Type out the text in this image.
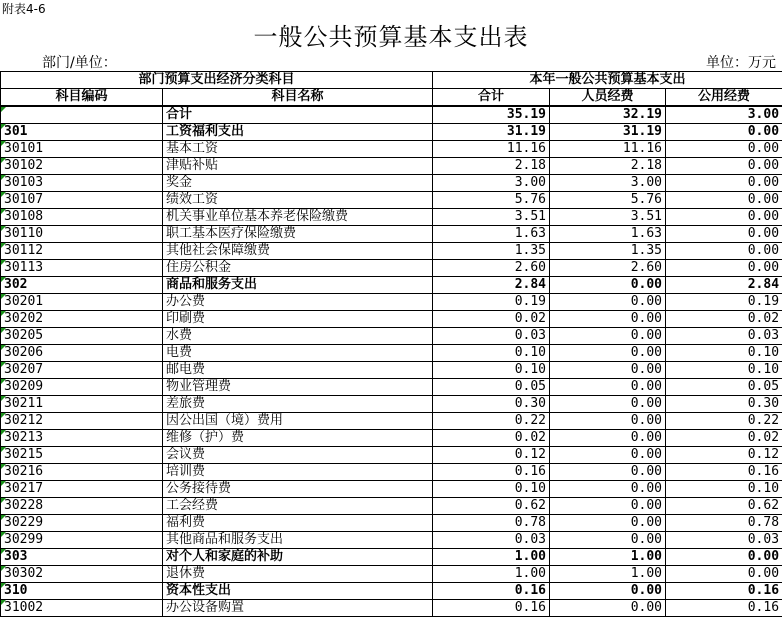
附表4-6
一般公共预算基本支出表
部门/单位：	单位：万元
部门预算支出经济分类科目		本年一般公共预算基本支出		
科目编码	科目名称	合计	人员经费	公用经费
	合计	35.19	32.19	3.00
301	工资福利支出	31.19	31.19	0.00
30101	基本工资	11.16	11.16	0.00
30102	津贴补贴	2.18	2.18	0.00
30103	奖金	3.00	3.00	0.00
30107	绩效工资	5.76	5.76	0.00
30108	机关事业单位基本养老保险缴费	3.51	3.51	0.00
30110	职工基本医疗保险缴费	1.63	1.63	0.00
30112	其他社会保障缴费	1.35	1.35	0.00
30113	住房公积金	2.60	2.60	0.00
302	商品和服务支出	2.84	0.00	2.84
30201	办公费	0.19	0.00	0.19
30202	印刷费	0.02	0.00	0.02
30205	水费	0.03	0.00	0.03
30206	电费	0.10	0.00	0.10
30207	邮电费	0.10	0.00	0.10
30209	物业管理费	0.05	0.00	0.05
30211	差旅费	0.30	0.00	0.30
30212	因公出国（境）费用	0.22	0.00	0.22
30213	维修（护）费	0.02	0.00	0.02
30215	会议费	0.12	0.00	0.12
30216	培训费	0.16	0.00	0.16
30217	公务接待费	0.10	0.00	0.10
30228	工会经费	0.62	0.00	0.62
30229	福利费	0.78	0.00	0.78
30299	其他商品和服务支出	0.03	0.00	0.03
303	对个人和家庭的补助	1.00	1.00	0.00
30302	退休费	1.00	1.00	0.00
310	资本性支出	0.16	0.00	0.16
31002	办公设备购置	0.16	0.00	0.16
